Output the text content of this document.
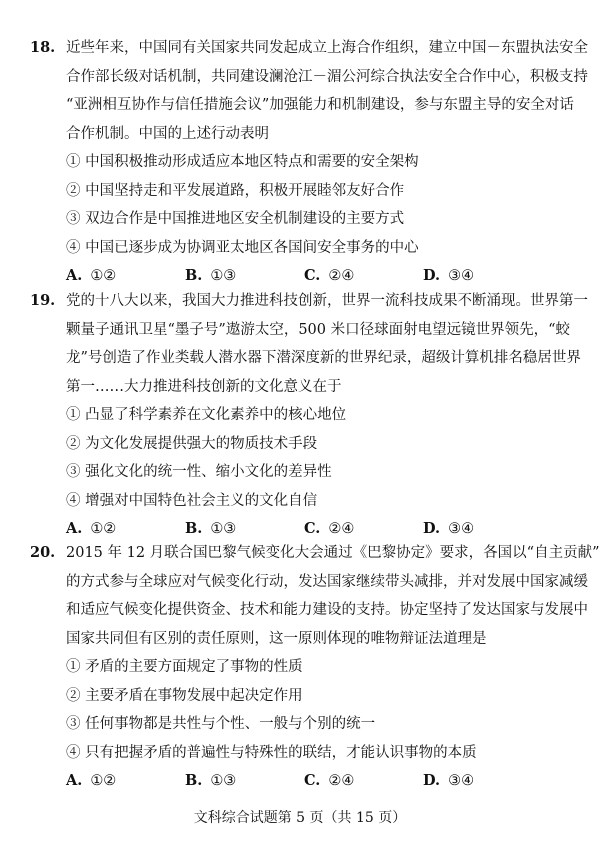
18. 近些年来，中国同有关国家共同发起成立上海合作组织，建立中国－东盟执法安全
合作部长级对话机制，共同建设澜沧江－湄公河综合执法安全合作中心，积极支持
“亚洲相互协作与信任措施会议”加强能力和机制建设，参与东盟主导的安全对话
合作机制。中国的上述行动表明
① 中国积极推动形成适应本地区特点和需要的安全架构
② 中国坚持走和平发展道路，积极开展睦邻友好合作
③ 双边合作是中国推进地区安全机制建设的主要方式
④ 中国已逐步成为协调亚太地区各国间安全事务的中心
A. ①②	B. ①③	C. ②④	D. ③④
19. 党的十八大以来，我国大力推进科技创新，世界一流科技成果不断涌现。世界第一
颗量子通讯卫星“墨子号”遨游太空，500 米口径球面射电望远镜世界领先，“蛟
龙”号创造了作业类载人潜水器下潜深度新的世界纪录，超级计算机排名稳居世界
第一……大力推进科技创新的文化意义在于
① 凸显了科学素养在文化素养中的核心地位
② 为文化发展提供强大的物质技术手段
③ 强化文化的统一性、缩小文化的差异性
④ 增强对中国特色社会主义的文化自信
A. ①②	B. ①③	C. ②④	D. ③④
20. 2015 年 12 月联合国巴黎气候变化大会通过《巴黎协定》要求，各国以“自主贡献”
的方式参与全球应对气候变化行动，发达国家继续带头减排，并对发展中国家减缓
和适应气候变化提供资金、技术和能力建设的支持。协定坚持了发达国家与发展中
国家共同但有区别的责任原则，这一原则体现的唯物辩证法道理是
① 矛盾的主要方面规定了事物的性质
② 主要矛盾在事物发展中起决定作用
③ 任何事物都是共性与个性、一般与个别的统一
④ 只有把握矛盾的普遍性与特殊性的联结，才能认识事物的本质
A. ①②	B. ①③	C. ②④	D. ③④
文科综合试题第 5 页（共 15 页）
